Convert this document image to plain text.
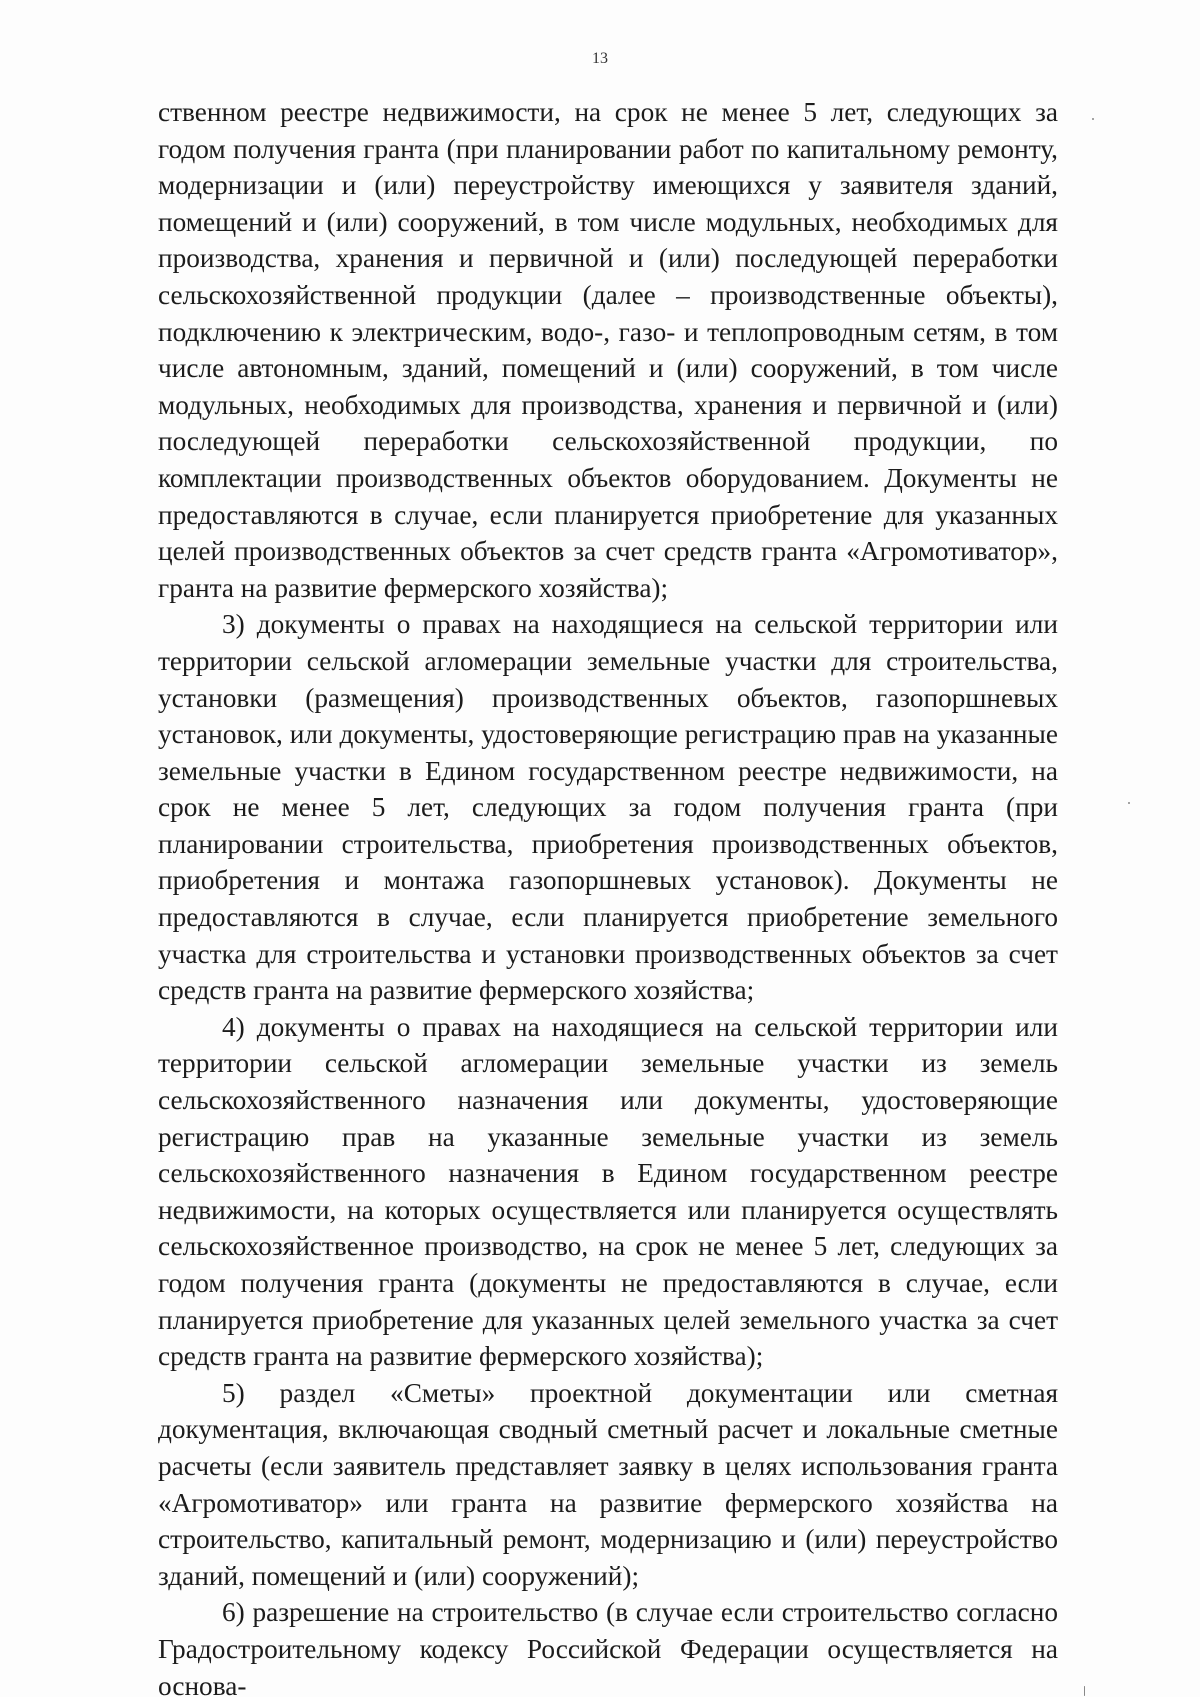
13

ственном реестре недвижимости, на срок не менее 5 лет, следующих за годом получения гранта (при планировании работ по капитальному ремонту, модернизации и (или) переустройству имеющихся у заявителя зданий, помещений и (или) сооружений, в том числе модульных, необходимых для производства, хранения и первичной и (или) последующей переработки сельскохозяйственной продукции (далее – производственные объекты), подключению к электрическим, водо-, газо- и теплопроводным сетям, в том числе автономным, зданий, помещений и (или) сооружений, в том числе модульных, необходимых для производства, хранения и первичной и (или) последующей переработки сельскохозяйственной продукции, по комплектации производственных объектов оборудованием. Документы не предоставляются в случае, если планируется приобретение для указанных целей производственных объектов за счет средств гранта «Агромотиватор», гранта на развитие фермерского хозяйства);

3) документы о правах на находящиеся на сельской территории или территории сельской агломерации земельные участки для строительства, установки (размещения) производственных объектов, газопоршневых установок, или документы, удостоверяющие регистрацию прав на указанные земельные участки в Едином государственном реестре недвижимости, на срок не менее 5 лет, следующих за годом получения гранта (при планировании строительства, приобретения производственных объектов, приобретения и монтажа газопоршневых установок). Документы не предоставляются в случае, если планируется приобретение земельного участка для строительства и установки производственных объектов за счет средств гранта на развитие фермерского хозяйства;

4) документы о правах на находящиеся на сельской территории или территории сельской агломерации земельные участки из земель сельскохозяйственного назначения или документы, удостоверяющие регистрацию прав на указанные земельные участки из земель сельскохозяйственного назначения в Едином государственном реестре недвижимости, на которых осуществляется или планируется осуществлять сельскохозяйственное производство, на срок не менее 5 лет, следующих за годом получения гранта (документы не предоставляются в случае, если планируется приобретение для указанных целей земельного участка за счет средств гранта на развитие фермерского хозяйства);

5) раздел «Сметы» проектной документации или сметная документация, включающая сводный сметный расчет и локальные сметные расчеты (если заявитель представляет заявку в целях использования гранта «Агромотиватор» или гранта на развитие фермерского хозяйства на строительство, капитальный ремонт, модернизацию и (или) переустройство зданий, помещений и (или) сооружений);

6) разрешение на строительство (в случае если строительство согласно Градостроительному кодексу Российской Федерации осуществляется на основа-
